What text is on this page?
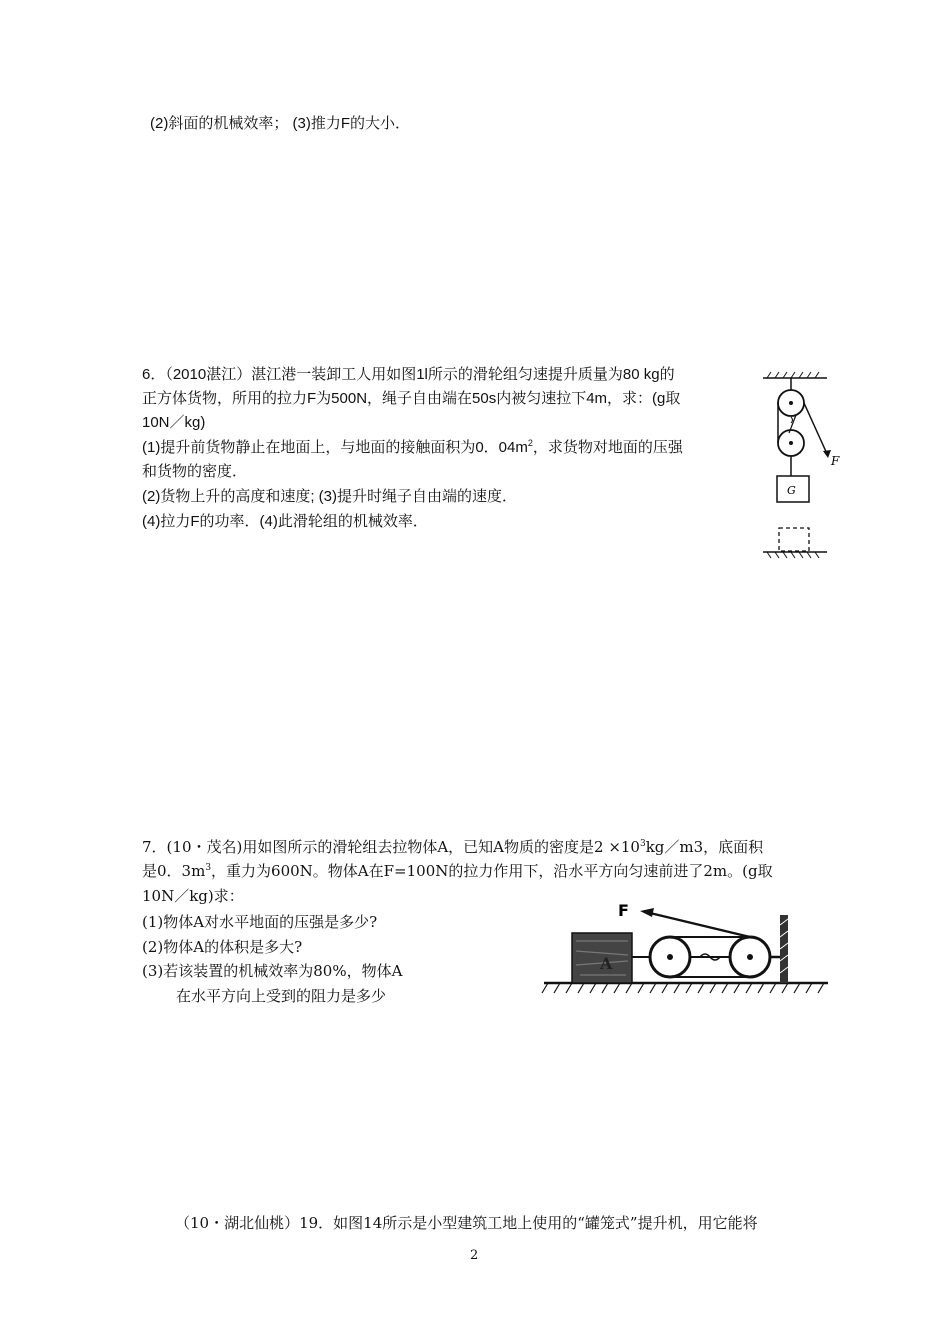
(2)斜面的机械效率； (3)推力F的大小．
6．（2010湛江）湛江港一装卸工人用如图1l所示的滑轮组匀速提升质量为80 kg的
正方体货物，所用的拉力F为500N，绳子自由端在50s内被匀速拉下4m，求：(g取
10N／kg)
(1)提升前货物静止在地面上，与地面的接触面积为0．$04m^2$，求货物对地面的压强
和货物的密度．
(2)货物上升的高度和速度; (3)提升时绳子自由端的速度．
(4)拉力F的功率．(4)此滑轮组的机械效率．
F
G
7．(10・茂名)用如图所示的滑轮组去拉物体A，已知A物质的密度是$2 \times 10^3kg/m3$，底面积
是0．$3m^3$，重力为600N。物体A在F=100N的拉力作用下，沿水平方向匀速前进了2m。(g取
10N／kg)求：
(1)物体A对水平地面的压强是多少?
(2)物体A的体积是多大?
(3)若该装置的机械效率为80%，物体A
在水平方向上受到的阻力是多少
A
F
（10・湖北仙桃）19．如图14所示是小型建筑工地上使用的“罐笼式”提升机，用它能将
2
